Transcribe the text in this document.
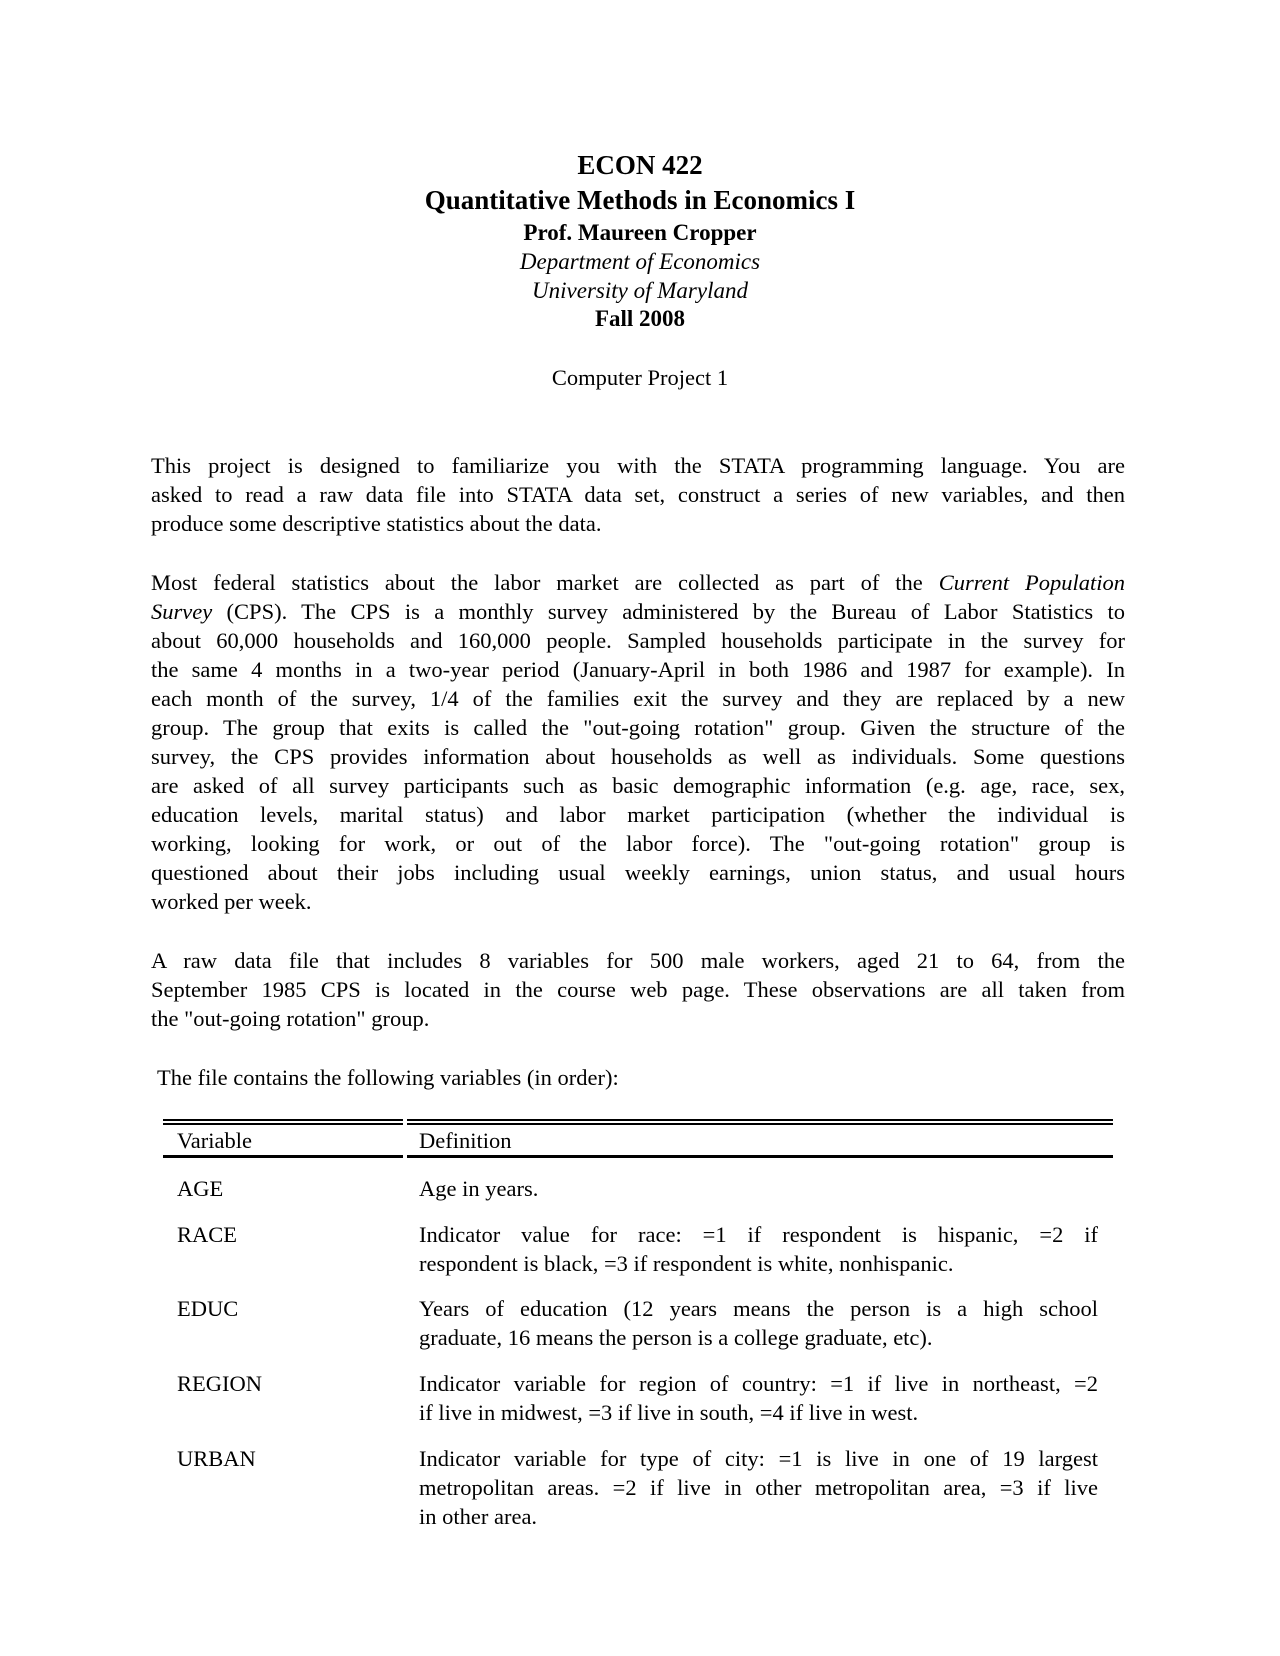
ECON 422
Quantitative Methods in Economics I
Prof. Maureen Cropper
Department of Economics
University of Maryland
Fall 2008
Computer Project 1
This project is designed to familiarize you with the STATA programming language. You are
asked to read a raw data file into STATA data set, construct a series of new variables, and then
produce some descriptive statistics about the data.
Most federal statistics about the labor market are collected as part of the Current Population
Survey (CPS). The CPS is a monthly survey administered by the Bureau of Labor Statistics to
about 60,000 households and 160,000 people. Sampled households participate in the survey for
the same 4 months in a two-year period (January-April in both 1986 and 1987 for example). In
each month of the survey, 1/4 of the families exit the survey and they are replaced by a new
group. The group that exits is called the "out-going rotation" group. Given the structure of the
survey, the CPS provides information about households as well as individuals. Some questions
are asked of all survey participants such as basic demographic information (e.g. age, race, sex,
education levels, marital status) and labor market participation (whether the individual is
working, looking for work, or out of the labor force). The "out-going rotation" group is
questioned about their jobs including usual weekly earnings, union status, and usual hours
worked per week.
A raw data file that includes 8 variables for 500 male workers, aged 21 to 64, from the
September 1985 CPS is located in the course web page. These observations are all taken from
the "out-going rotation" group.
The file contains the following variables (in order):
Variable	Definition
AGE	Age in years.
RACE	Indicator value for race: =1 if respondent is hispanic, =2 if
respondent is black, =3 if respondent is white, nonhispanic.
EDUC	Years of education (12 years means the person is a high school
graduate, 16 means the person is a college graduate, etc).
REGION	Indicator variable for region of country: =1 if live in northeast, =2
if live in midwest, =3 if live in south, =4 if live in west.
URBAN	Indicator variable for type of city: =1 is live in one of 19 largest
metropolitan areas. =2 if live in other metropolitan area, =3 if live
in other area.
